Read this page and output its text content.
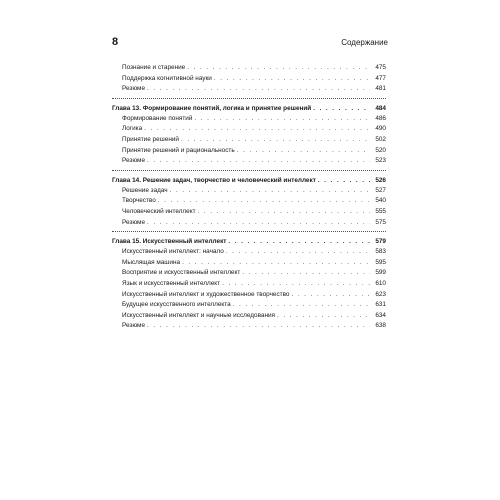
8	Содержание
Познание и старение . . .	475
Поддержка когнитивной науки . . .	477
Резюме . . .	481
Глава 13. Формирование понятий, логика и принятие решений . . .	484
Формирование понятий . . .	486
Логика . . .	490
Принятие решений . . .	502
Принятие решений и рациональность . . .	520
Резюме . . .	523
Глава 14. Решение задач, творчество и человеческий интеллект . . .	526
Решение задач . . .	527
Творчество . . .	540
Человеческий интеллект . . .	555
Резюме . . .	575
Глава 15. Искусственный интеллект . . .	579
Искусственный интеллект: начало . . .	583
Мыслящая машина . . .	595
Восприятие и искусственный интеллект . . .	599
Язык и искусственный интеллект . . .	610
Искусственный интеллект и художественное творчество . . .	623
Будущее искусственного интеллекта . . .	631
Искусственный интеллект и научные исследования . . .	634
Резюме . . .	638
